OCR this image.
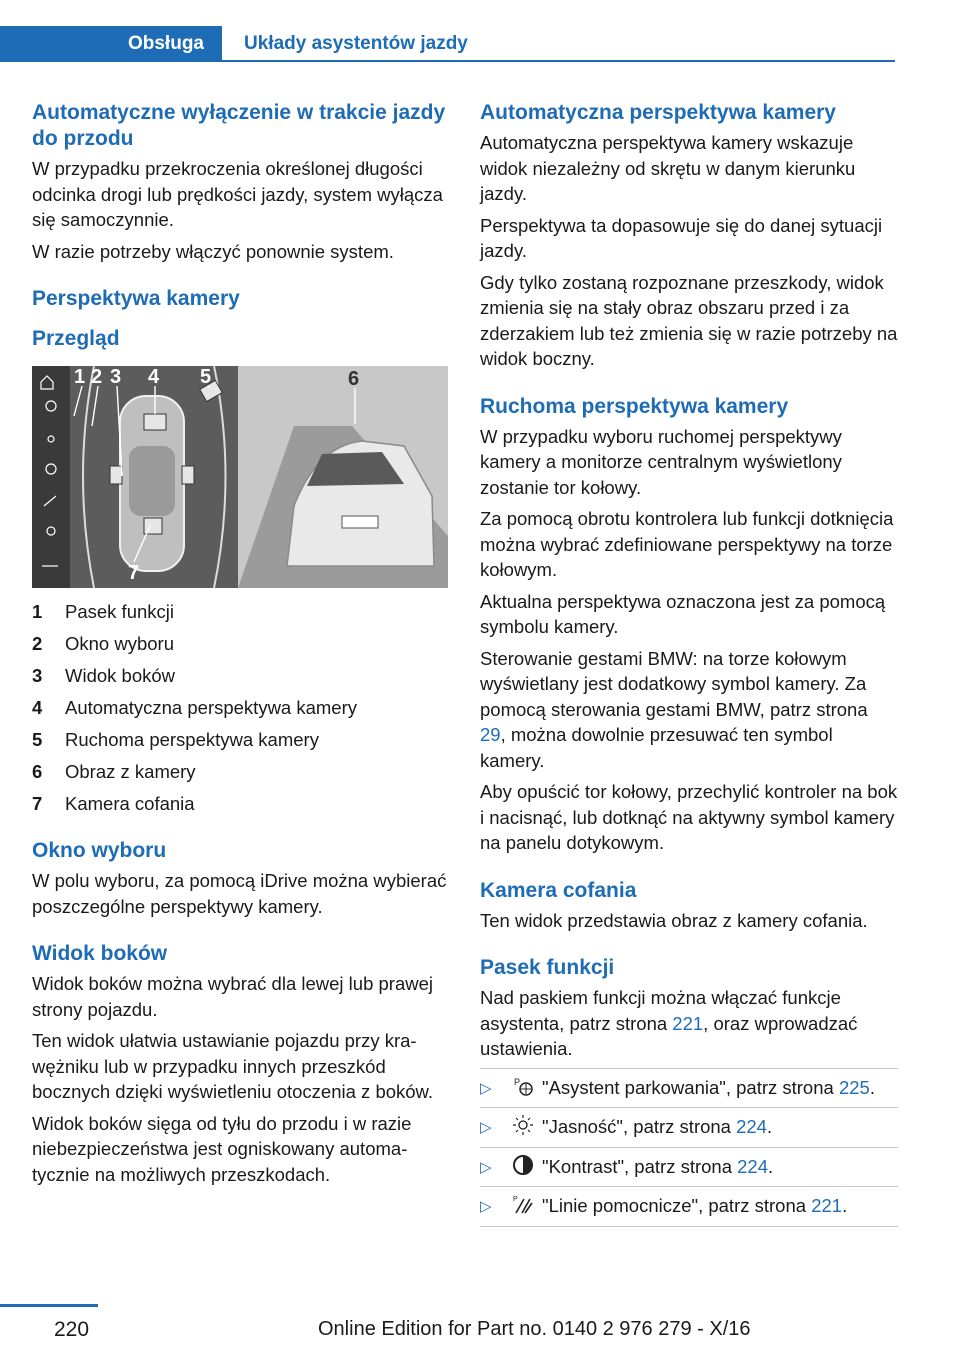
Obsługa Układy asystentów jazdy
Automatyczne wyłączenie w trakcie jazdy do przodu

W przypadku przekroczenia określonej długości odcinka drogi lub prędkości jazdy, system wyłącza się samoczynnie.

W razie potrzeby włączyć ponownie system.

Perspektywa kamery
Przegląd
1 2 3 4 5	6
7
1	Pasek funkcji
2	Okno wyboru
3	Widok boków
4	Automatyczna perspektywa kamery
5	Ruchoma perspektywa kamery
6	Obraz z kamery
7	Kamera cofania
Okno wyboru

W polu wyboru, za pomocą iDrive można wybierać poszczególne perspektywy kamery.

Widok boków

Widok boków można wybrać dla lewej lub prawej strony pojazdu.

Ten widok ułatwia ustawianie pojazdu przy krawężniku lub w przypadku innych przeszkód bocznych dzięki wyświetleniu otoczenia z boków.

Widok boków sięga od tyłu do przodu i w razie niebezpieczeństwa jest ogniskowany automatycznie na możliwych przeszkodach.

Automatyczna perspektywa kamery

Automatyczna perspektywa kamery wskazuje widok niezależny od skrętu w danym kierunku jazdy.

Perspektywa ta dopasowuje się do danej sytuacji jazdy.

Gdy tylko zostaną rozpoznane przeszkody, widok zmienia się na stały obraz obszaru przed i za zderzakiem lub też zmienia się w razie potrzeby na widok boczny.

Ruchoma perspektywa kamery

W przypadku wyboru ruchomej perspektywy kamery a monitorze centralnym wyświetlony zostanie tor kołowy.

Za pomocą obrotu kontrolera lub funkcji dotknięcia można wybrać zdefiniowane perspektywy na torze kołowym.

Aktualna perspektywa oznaczona jest za pomocą symbolu kamery.

Sterowanie gestami BMW: na torze kołowym wyświetlany jest dodatkowy symbol kamery. Za pomocą sterowania gestami BMW, patrz strona 29, można dowolnie przesuwać ten symbol kamery.

Aby opuścić tor kołowy, przechylić kontroler na bok i nacisnąć, lub dotknąć na aktywny symbol kamery na panelu dotykowym.

Kamera cofania

Ten widok przedstawia obraz z kamery cofania.

Pasek funkcji

Nad paskiem funkcji można włączać funkcje asystenta, patrz strona 221, oraz wprowadzać ustawienia.

▷	P "Asystent parkowania", patrz strona 225.
▷	"Jasność", patrz strona 224.
▷	"Kontrast", patrz strona 224.
▷	P "Linie pomocnicze", patrz strona 221.
220	Online Edition for Part no. 0140 2 976 279 - X/16
